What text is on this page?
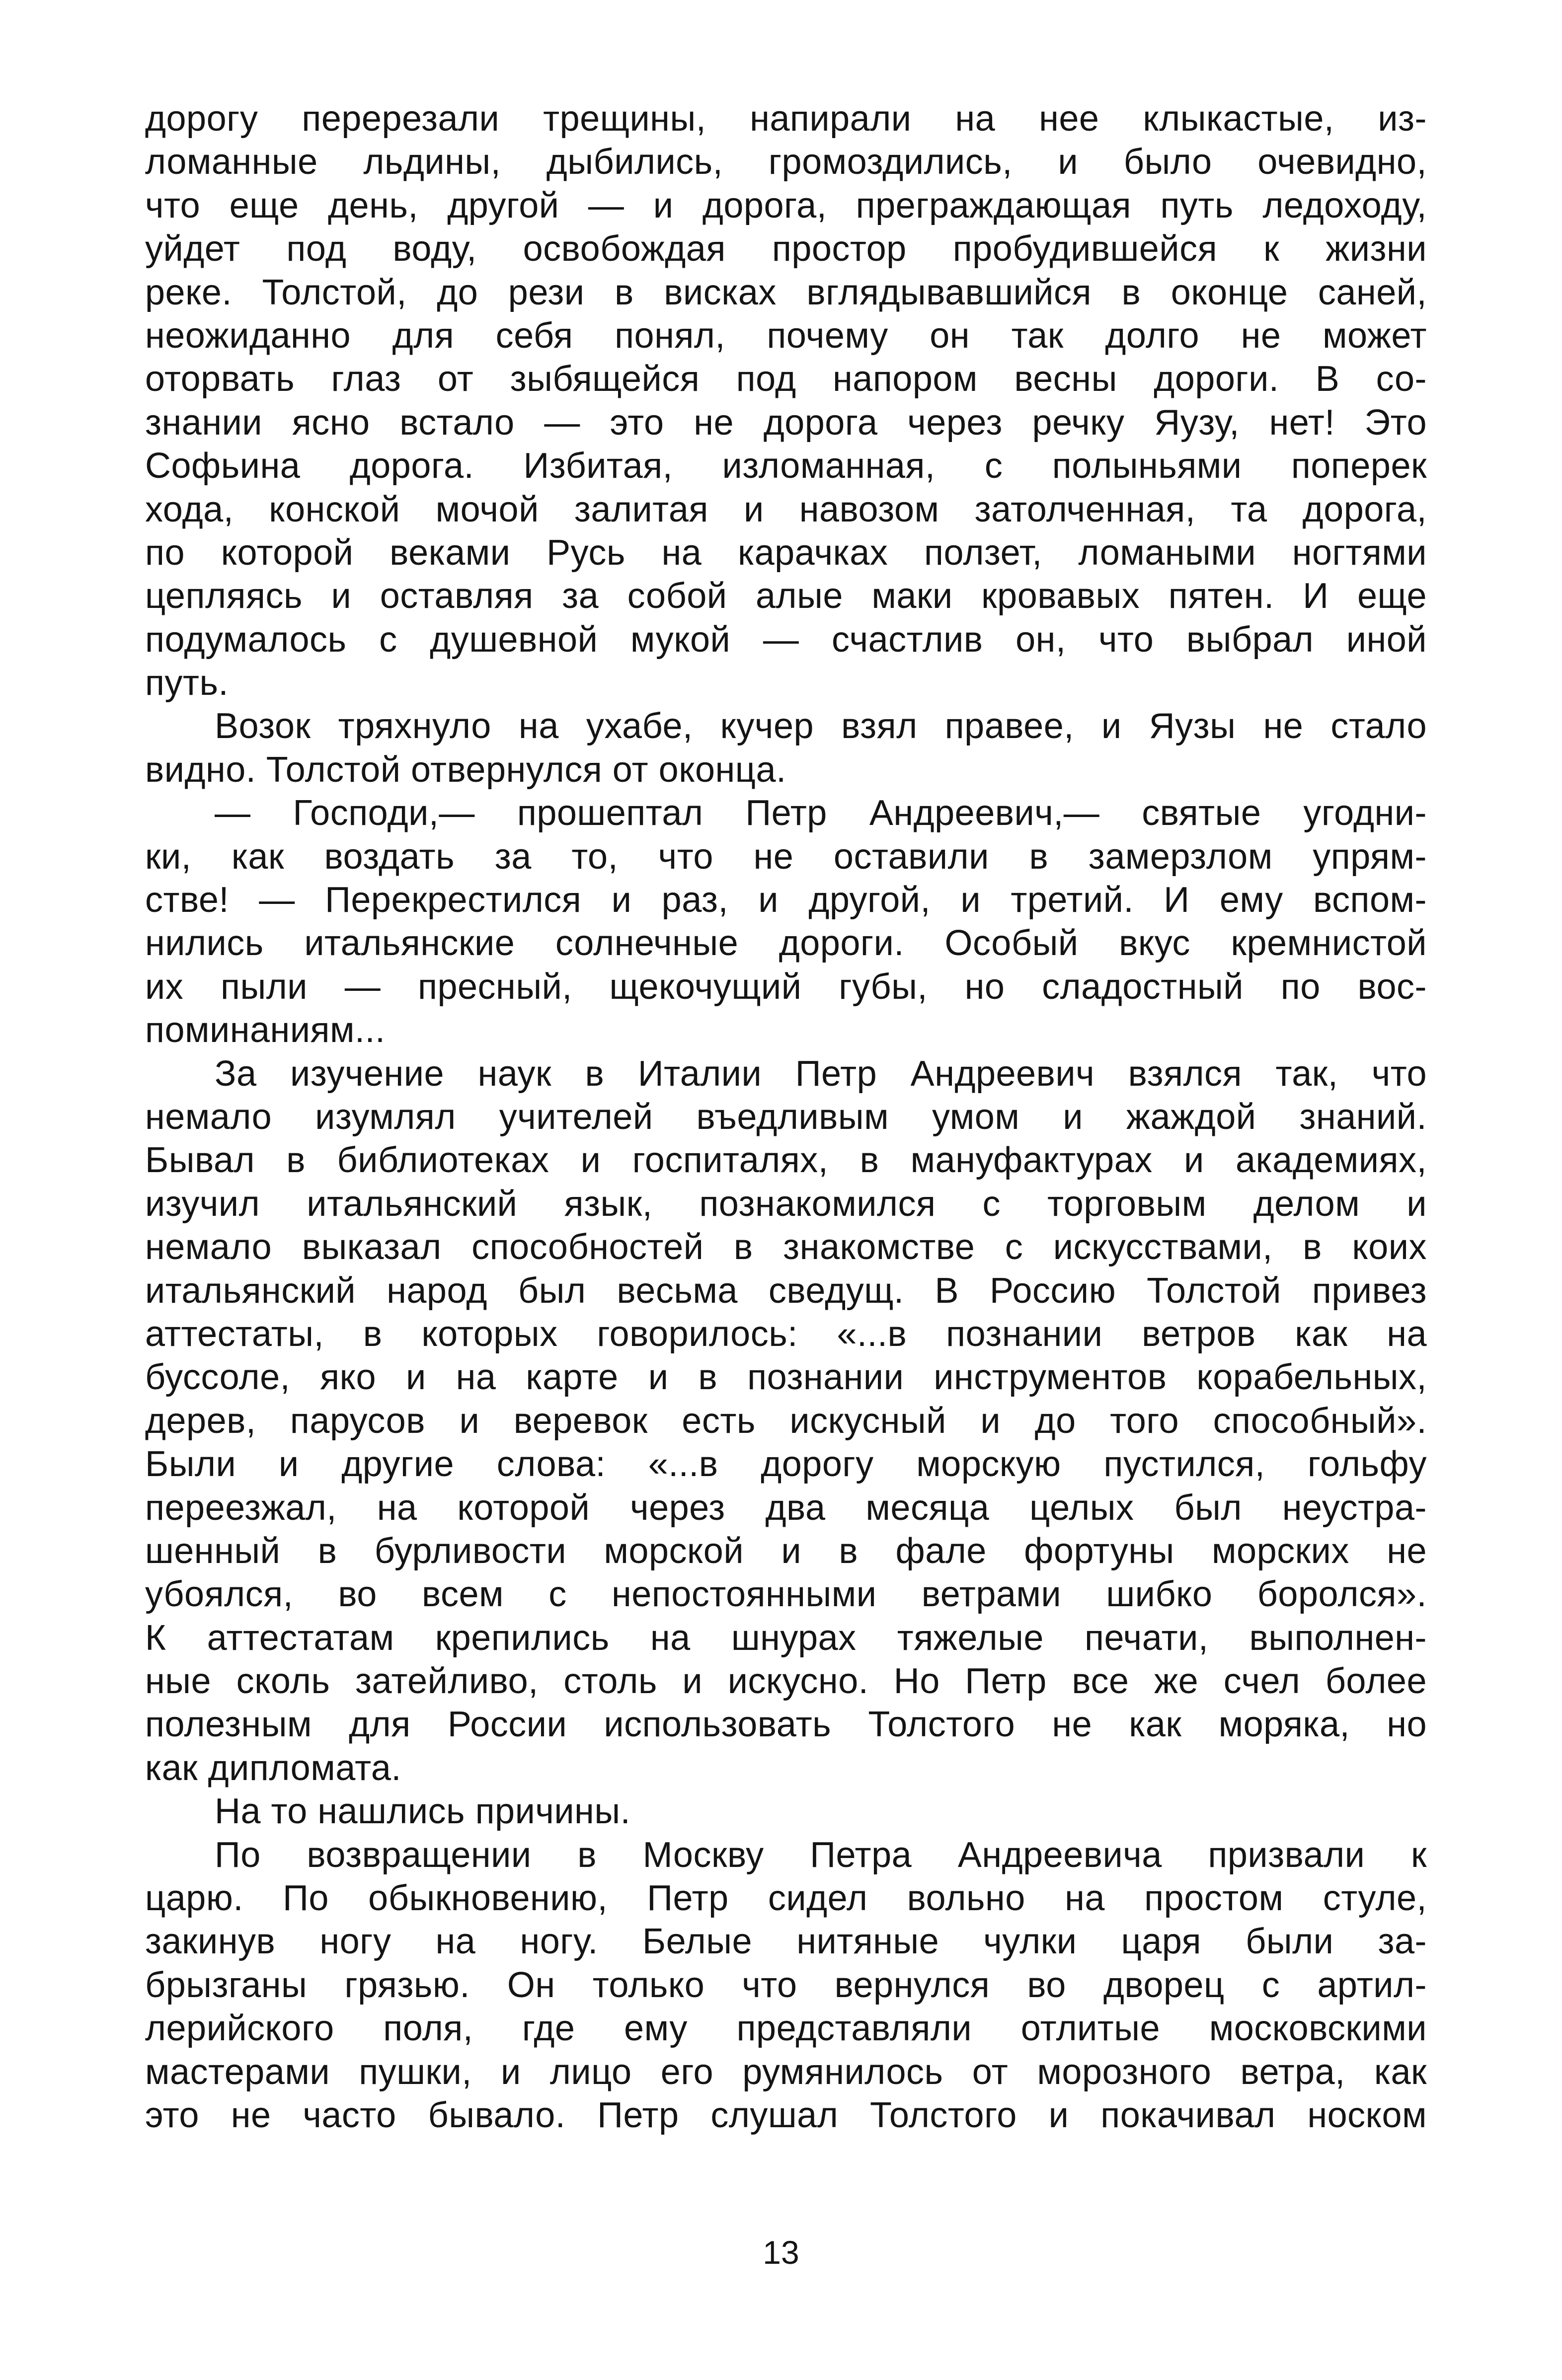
дорогу перерезали трещины, напирали на нее клыкастые, из-
ломанные льдины, дыбились, громоздились, и было очевидно,
что еще день, другой — и дорога, преграждающая путь ледоходу,
уйдет под воду, освобождая простор пробудившейся к жизни
реке. Толстой, до рези в висках вглядывавшийся в оконце саней,
неожиданно для себя понял, почему он так долго не может
оторвать глаз от зыбящейся под напором весны дороги. В со-
знании ясно встало — это не дорога через речку Яузу, нет! Это
Софьина дорога. Избитая, изломанная, с полыньями поперек
хода, конской мочой залитая и навозом затолченная, та дорога,
по которой веками Русь на карачках ползет, ломаными ногтями
цепляясь и оставляя за собой алые маки кровавых пятен. И еще
подумалось с душевной мукой — счастлив он, что выбрал иной
путь.
Возок тряхнуло на ухабе, кучер взял правее, и Яузы не стало
видно. Толстой отвернулся от оконца.
— Господи,— прошептал Петр Андреевич,— святые угодни-
ки, как воздать за то, что не оставили в замерзлом упрям-
стве! — Перекрестился и раз, и другой, и третий. И ему вспом-
нились итальянские солнечные дороги. Особый вкус кремнистой
их пыли — пресный, щекочущий губы, но сладостный по вос-
поминаниям...
За изучение наук в Италии Петр Андреевич взялся так, что
немало изумлял учителей въедливым умом и жаждой знаний.
Бывал в библиотеках и госпиталях, в мануфактурах и академиях,
изучил итальянский язык, познакомился с торговым делом и
немало выказал способностей в знакомстве с искусствами, в коих
итальянский народ был весьма сведущ. В Россию Толстой привез
аттестаты, в которых говорилось: «...в познании ветров как на
буссоле, яко и на карте и в познании инструментов корабельных,
дерев, парусов и веревок есть искусный и до того способный».
Были и другие слова: «...в дорогу морскую пустился, гольфу
переезжал, на которой через два месяца целых был неустра-
шенный в бурливости морской и в фале фортуны морских не
убоялся, во всем с непостоянными ветрами шибко боролся».
К аттестатам крепились на шнурах тяжелые печати, выполнен-
ные сколь затейливо, столь и искусно. Но Петр все же счел более
полезным для России использовать Толстого не как моряка, но
как дипломата.
На то нашлись причины.
По возвращении в Москву Петра Андреевича призвали к
царю. По обыкновению, Петр сидел вольно на простом стуле,
закинув ногу на ногу. Белые нитяные чулки царя были за-
брызганы грязью. Он только что вернулся во дворец с артил-
лерийского поля, где ему представляли отлитые московскими
мастерами пушки, и лицо его румянилось от морозного ветра, как
это не часто бывало. Петр слушал Толстого и покачивал носком
13
